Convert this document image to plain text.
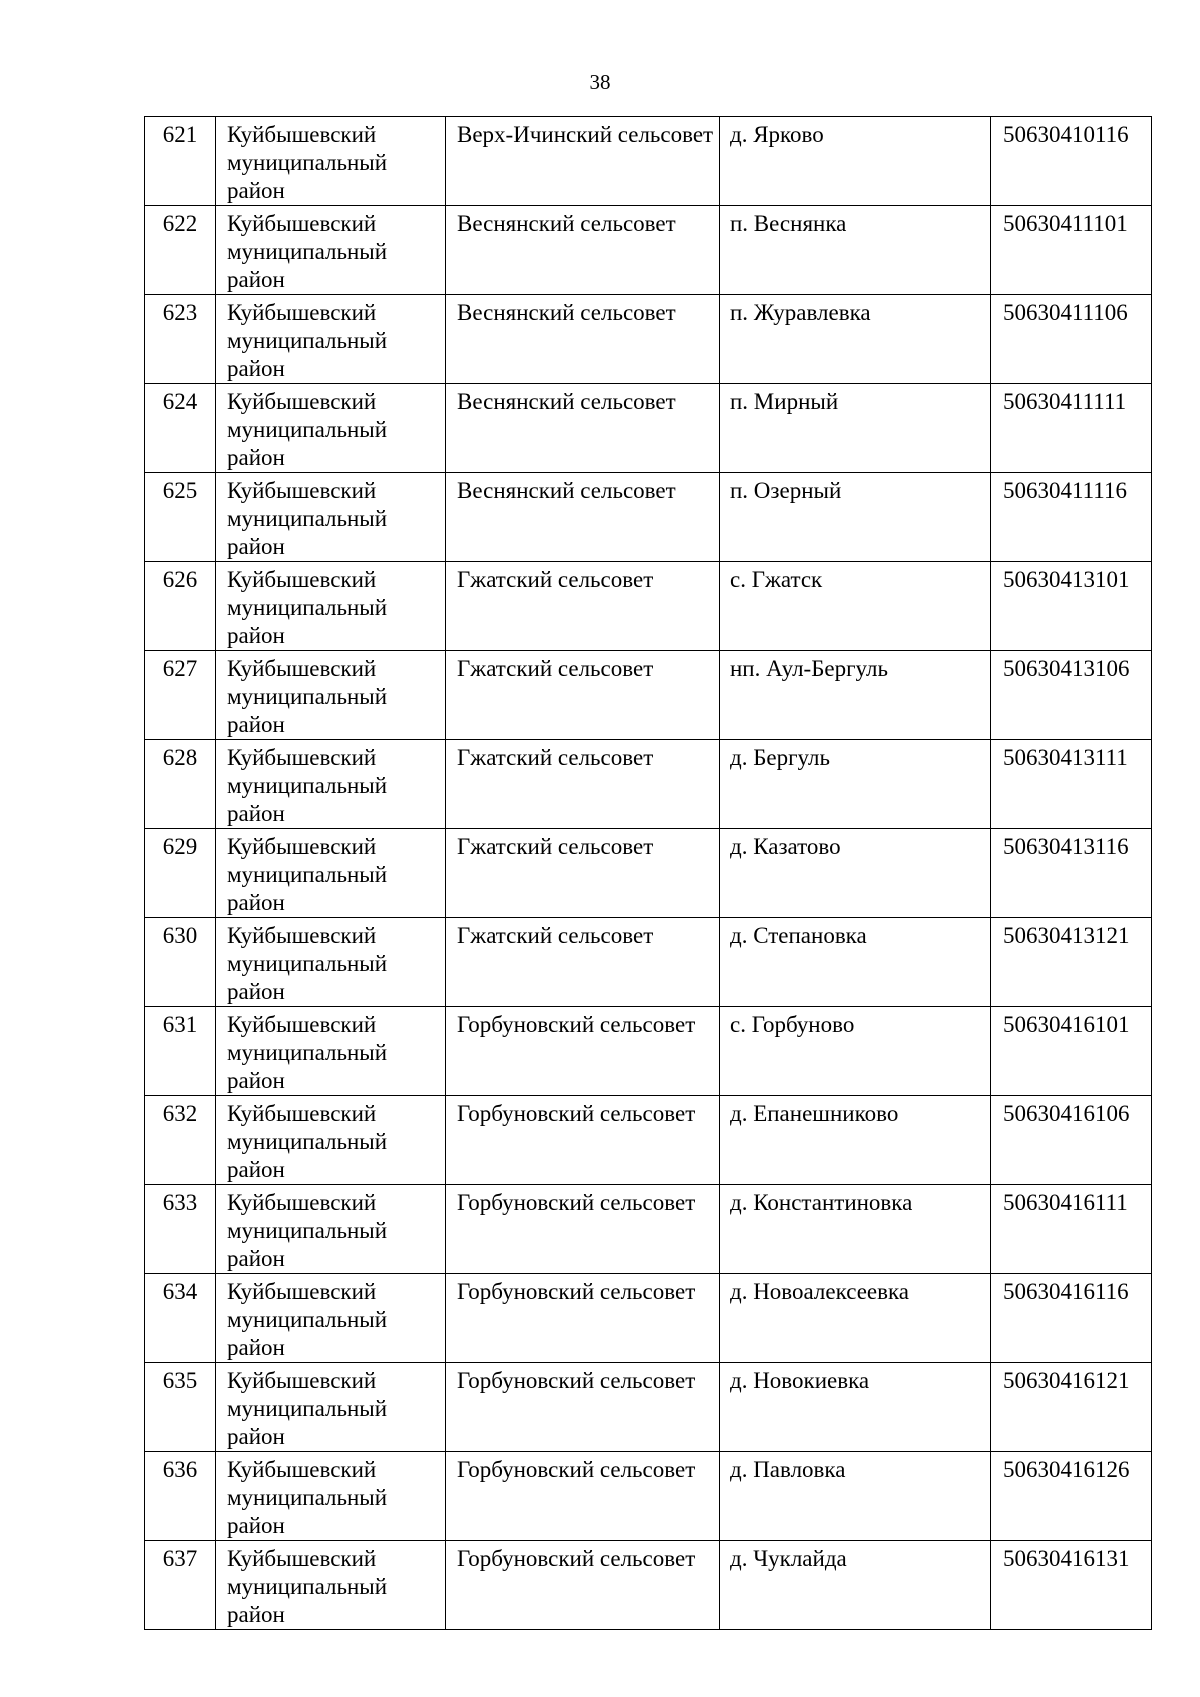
38
621	Куйбышевский муниципальный район	Верх-Ичинский сельсовет	д. Ярково	50630410116
622	Куйбышевский муниципальный район	Веснянский сельсовет	п. Веснянка	50630411101
623	Куйбышевский муниципальный район	Веснянский сельсовет	п. Журавлевка	50630411106
624	Куйбышевский муниципальный район	Веснянский сельсовет	п. Мирный	50630411111
625	Куйбышевский муниципальный район	Веснянский сельсовет	п. Озерный	50630411116
626	Куйбышевский муниципальный район	Гжатский сельсовет	с. Гжатск	50630413101
627	Куйбышевский муниципальный район	Гжатский сельсовет	нп. Аул-Бергуль	50630413106
628	Куйбышевский муниципальный район	Гжатский сельсовет	д. Бергуль	50630413111
629	Куйбышевский муниципальный район	Гжатский сельсовет	д. Казатово	50630413116
630	Куйбышевский муниципальный район	Гжатский сельсовет	д. Степановка	50630413121
631	Куйбышевский муниципальный район	Горбуновский сельсовет	с. Горбуново	50630416101
632	Куйбышевский муниципальный район	Горбуновский сельсовет	д. Епанешниково	50630416106
633	Куйбышевский муниципальный район	Горбуновский сельсовет	д. Константиновка	50630416111
634	Куйбышевский муниципальный район	Горбуновский сельсовет	д. Новоалексеевка	50630416116
635	Куйбышевский муниципальный район	Горбуновский сельсовет	д. Новокиевка	50630416121
636	Куйбышевский муниципальный район	Горбуновский сельсовет	д. Павловка	50630416126
637	Куйбышевский муниципальный район	Горбуновский сельсовет	д. Чуклайда	50630416131
